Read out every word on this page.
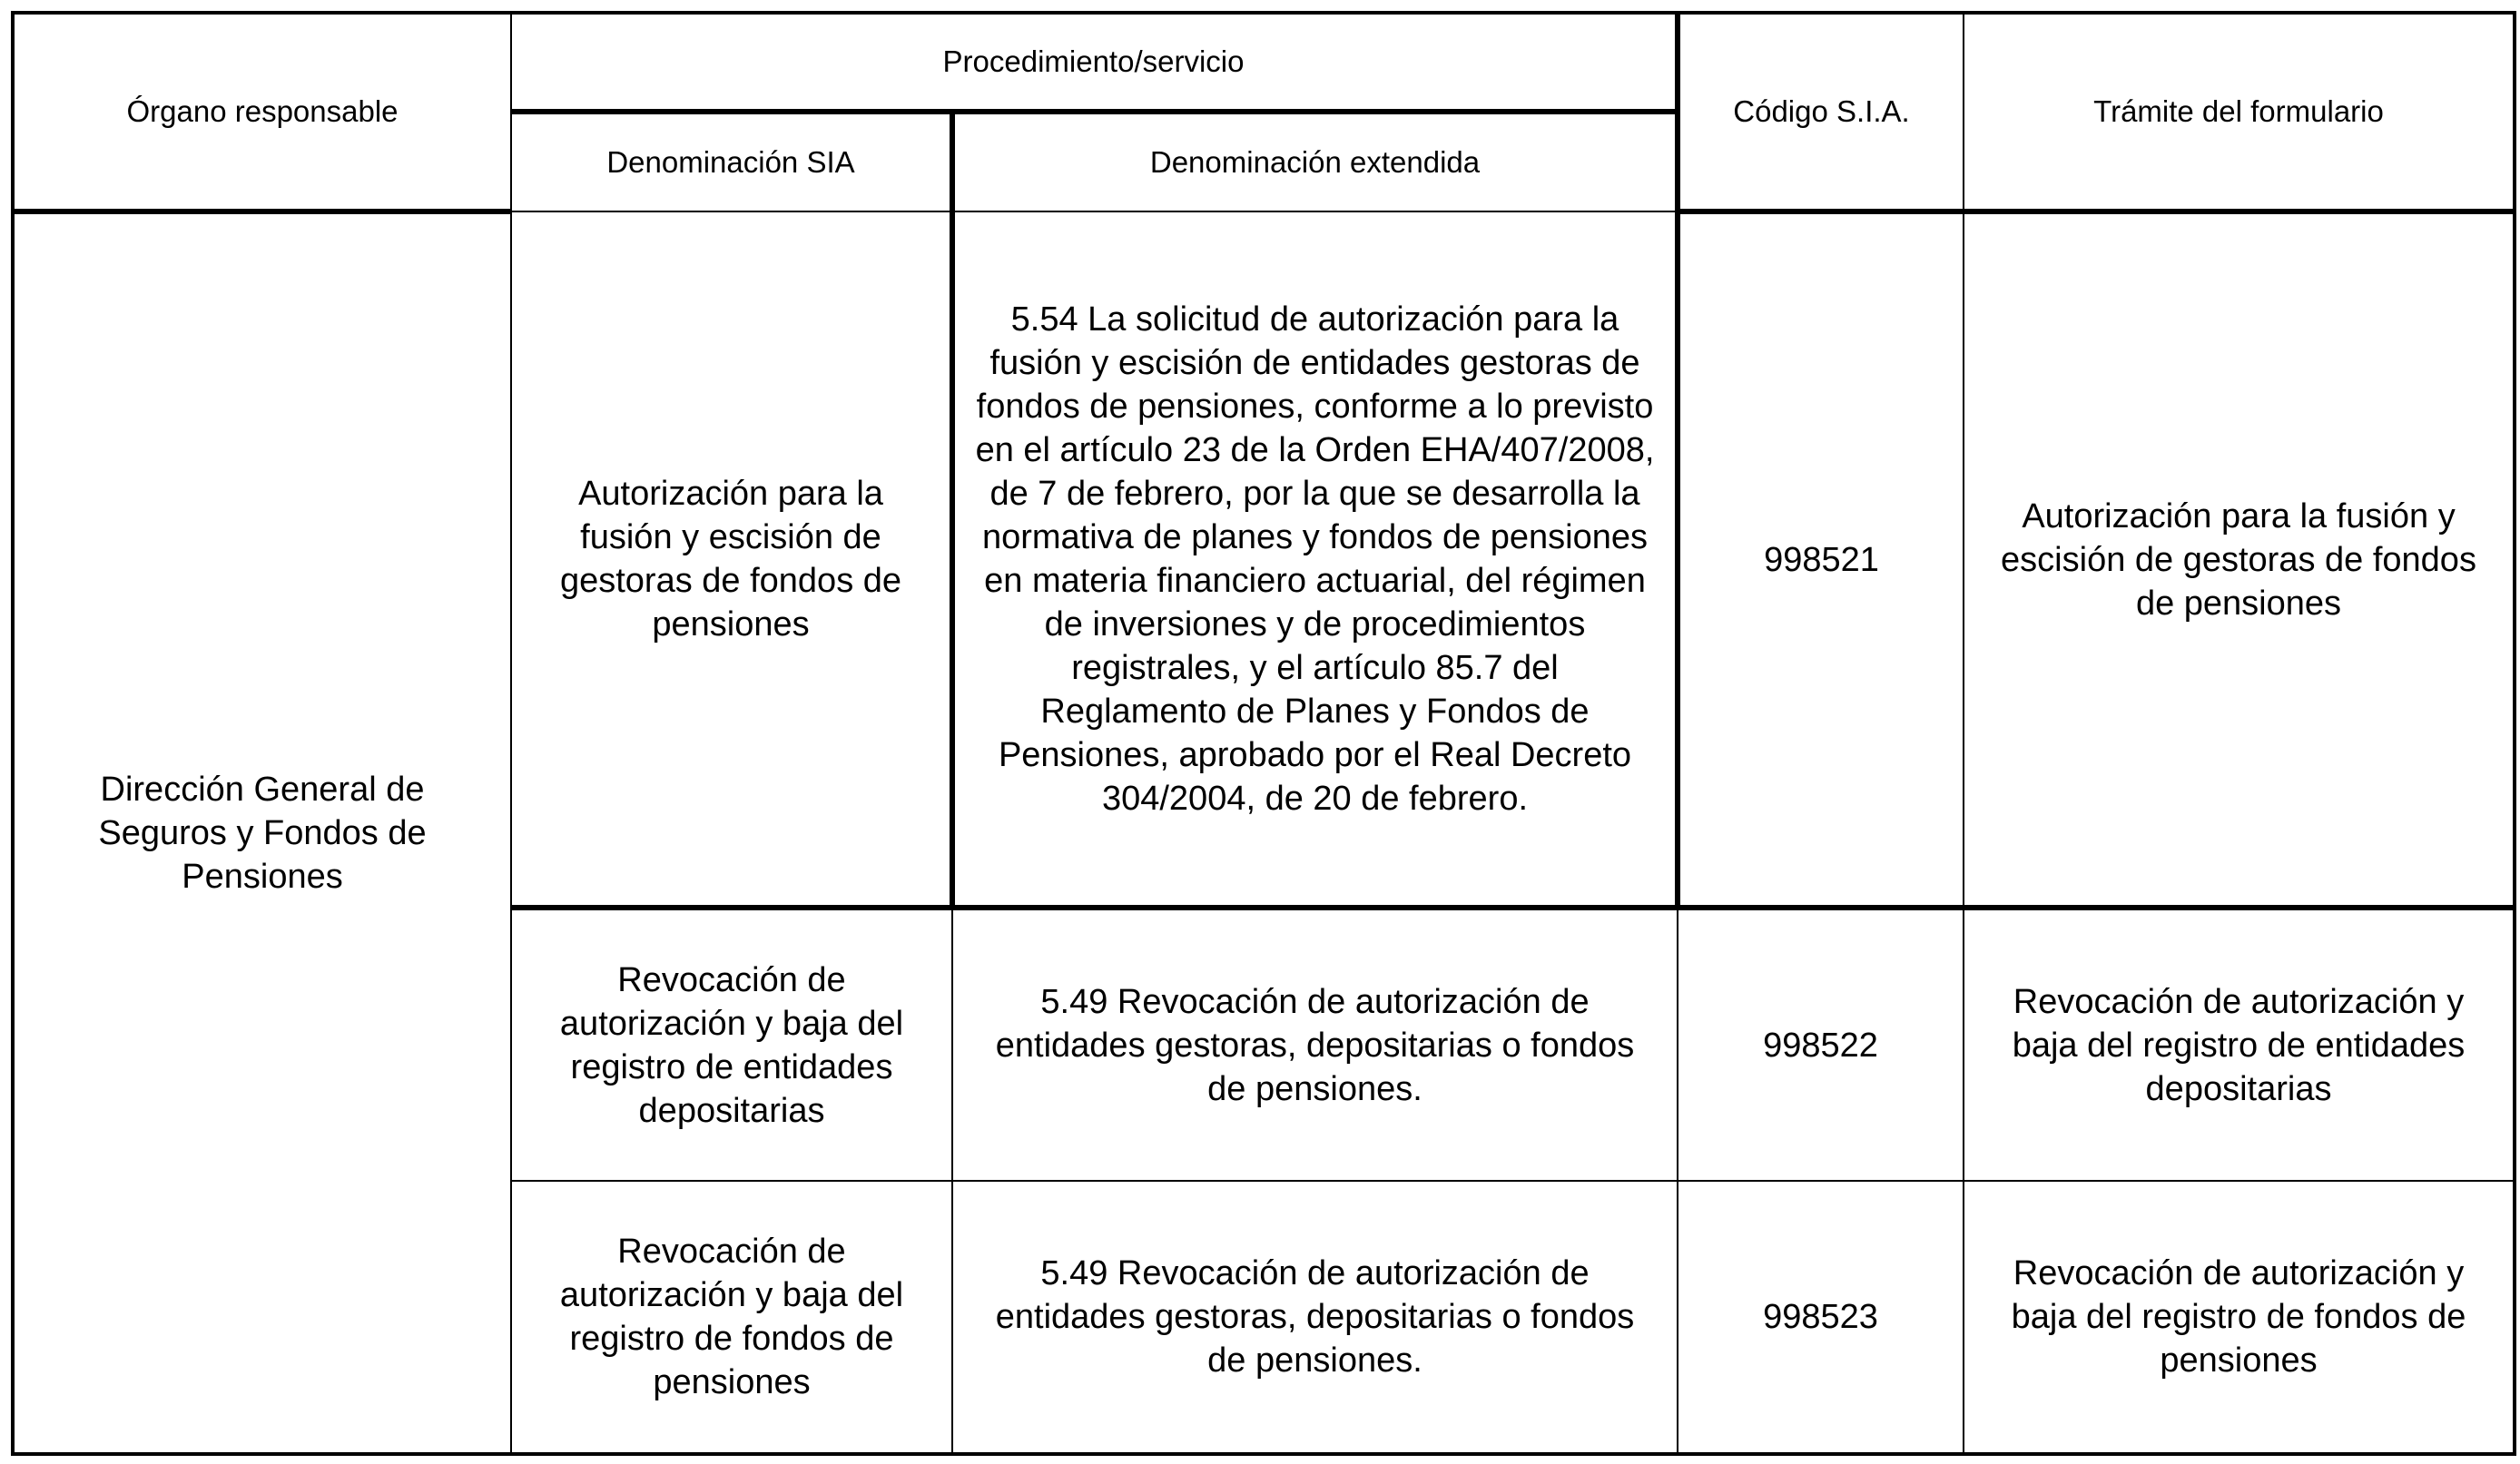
Órgano responsable	Procedimiento/servicio		Código S.I.A.	Trámite del formulario
	Denominación SIA	Denominación extendida		
Dirección General de Seguros y Fondos de Pensiones	Autorización para la fusión y escisión de gestoras de fondos de pensiones	5.54 La solicitud de autorización para la fusión y escisión de entidades gestoras de fondos de pensiones, conforme a lo previsto en el artículo 23 de la Orden EHA/407/2008, de 7 de febrero, por la que se desarrolla la normativa de planes y fondos de pensiones en materia financiero actuarial, del régimen de inversiones y de procedimientos registrales, y el artículo 85.7 del Reglamento de Planes y Fondos de Pensiones, aprobado por el Real Decreto 304/2004, de 20 de febrero.	998521	Autorización para la fusión y escisión de gestoras de fondos de pensiones
	Revocación de autorización y baja del registro de entidades depositarias	5.49 Revocación de autorización de entidades gestoras, depositarias o fondos de pensiones.	998522	Revocación de autorización y baja del registro de entidades depositarias
	Revocación de autorización y baja del registro de fondos de pensiones	5.49 Revocación de autorización de entidades gestoras, depositarias o fondos de pensiones.	998523	Revocación de autorización y baja del registro de fondos de pensiones
